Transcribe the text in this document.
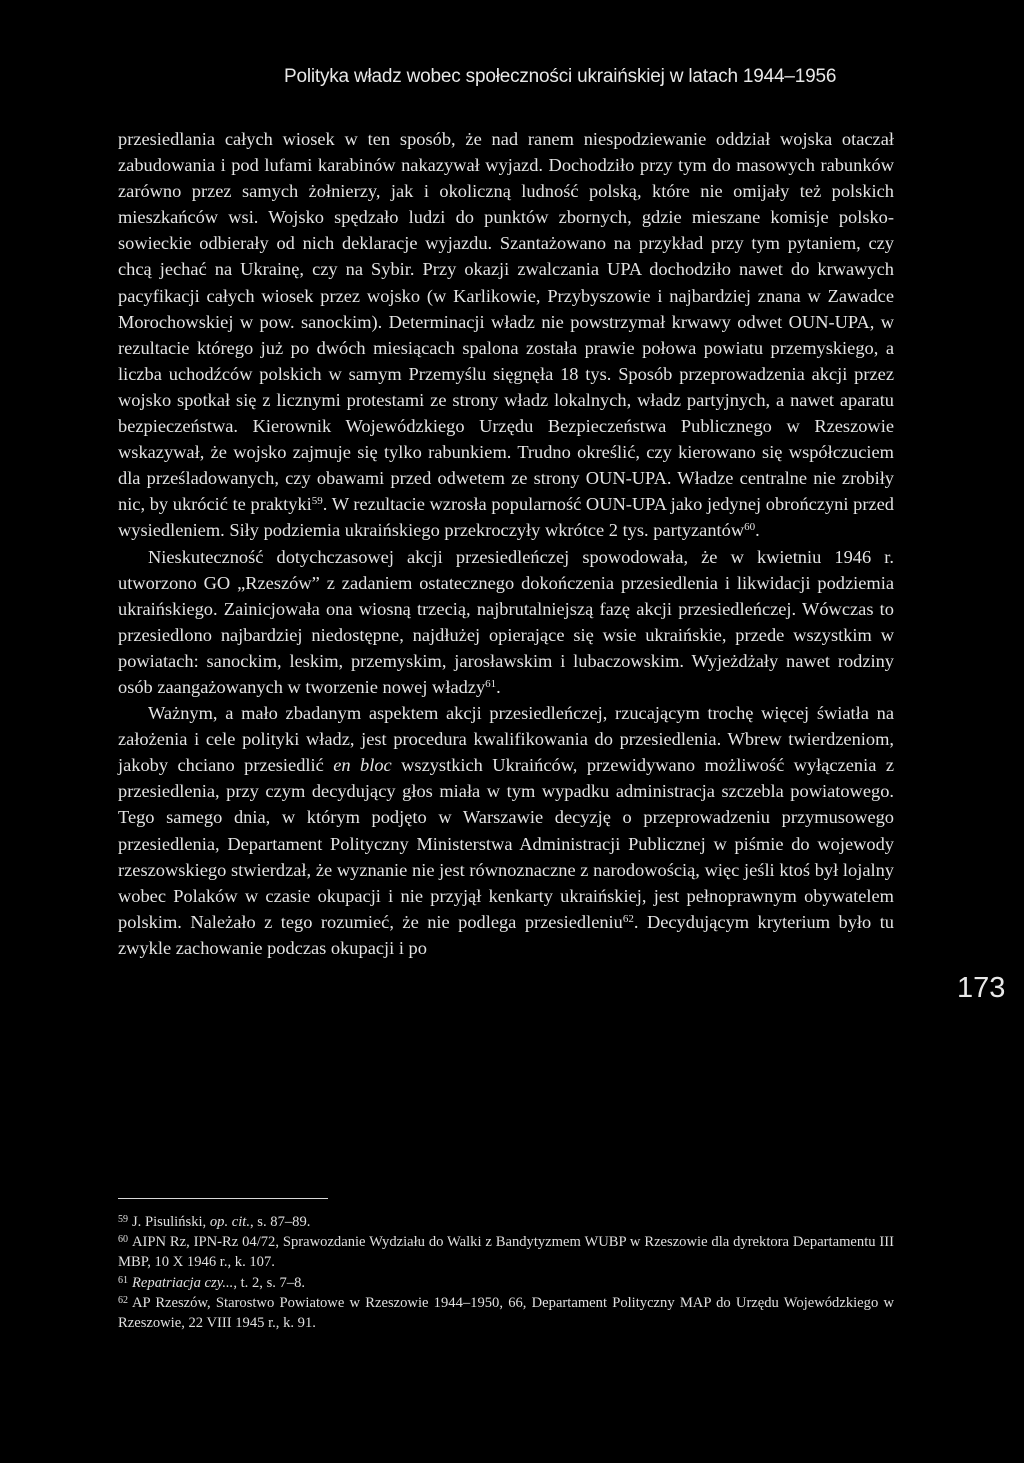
Polityka władz wobec społeczności ukraińskiej w latach 1944–1956
przesiedlania całych wiosek w ten sposób, że nad ranem niespodziewanie oddział wojska otaczał zabudowania i pod lufami karabinów nakazywał wyjazd. Dochodziło przy tym do masowych rabunków zarówno przez samych żołnierzy, jak i okoliczną ludność polską, które nie omijały też polskich mieszkańców wsi. Wojsko spędzało ludzi do punktów zbornych, gdzie mieszane komisje polsko-sowieckie odbierały od nich deklaracje wyjazdu. Szantażowano na przykład przy tym pytaniem, czy chcą jechać na Ukrainę, czy na Sybir. Przy okazji zwalczania UPA dochodziło nawet do krwawych pacyfikacji całych wiosek przez wojsko (w Karlikowie, Przybyszowie i najbardziej znana w Zawadce Morochowskiej w pow. sanockim). Determinacji władz nie powstrzymał krwawy odwet OUN-UPA, w rezultacie którego już po dwóch miesiącach spalona została prawie połowa powiatu przemyskiego, a liczba uchodźców polskich w samym Przemyślu sięgnęła 18 tys. Sposób przeprowadzenia akcji przez wojsko spotkał się z licznymi protestami ze strony władz lokalnych, władz partyjnych, a nawet aparatu bezpieczeństwa. Kierownik Wojewódzkiego Urzędu Bezpieczeństwa Publicznego w Rzeszowie wskazywał, że wojsko zajmuje się tylko rabunkiem. Trudno określić, czy kierowano się współczuciem dla prześladowanych, czy obawami przed odwetem ze strony OUN-UPA. Władze centralne nie zrobiły nic, by ukrócić te praktyki$^{59}$. W rezultacie wzrosła popularność OUN-UPA jako jedynej obrończyni przed wysiedleniem. Siły podziemia ukraińskiego przekroczyły wkrótce 2 tys. partyzantów$^{60}$.
Nieskuteczność dotychczasowej akcji przesiedleńczej spowodowała, że w kwietniu 1946 r. utworzono GO „Rzeszów” z zadaniem ostatecznego dokończenia przesiedlenia i likwidacji podziemia ukraińskiego. Zainicjowała ona wiosną trzecią, najbrutalniejszą fazę akcji przesiedleńczej. Wówczas to przesiedlono najbardziej niedostępne, najdłużej opierające się wsie ukraińskie, przede wszystkim w powiatach: sanockim, leskim, przemyskim, jarosławskim i lubaczowskim. Wyjeżdżały nawet rodziny osób zaangażowanych w tworzenie nowej władzy$^{61}$.
Ważnym, a mało zbadanym aspektem akcji przesiedleńczej, rzucającym trochę więcej światła na założenia i cele polityki władz, jest procedura kwalifikowania do przesiedlenia. Wbrew twierdzeniom, jakoby chciano przesiedlić en bloc wszystkich Ukraińców, przewidywano możliwość wyłączenia z przesiedlenia, przy czym decydujący głos miała w tym wypadku administracja szczebla powiatowego. Tego samego dnia, w którym podjęto w Warszawie decyzję o przeprowadzeniu przymusowego przesiedlenia, Departament Polityczny Ministerstwa Administracji Publicznej w piśmie do wojewody rzeszowskiego stwierdzał, że wyznanie nie jest równoznaczne z narodowością, więc jeśli ktoś był lojalny wobec Polaków w czasie okupacji i nie przyjął kenkarty ukraińskiej, jest pełnoprawnym obywatelem polskim. Należało z tego rozumieć, że nie podlega przesiedleniu$^{62}$. Decydującym kryterium było tu zwykle zachowanie podczas okupacji i po
173
$^{59}$ J. Pisuliński, op. cit., s. 87–89.
$^{60}$ AIPN Rz, IPN-Rz 04/72, Sprawozdanie Wydziału do Walki z Bandytyzmem WUBP w Rzeszowie dla dyrektora Departamentu III MBP, 10 X 1946 r., k. 107.
$^{61}$ Repatriacja czy..., t. 2, s. 7–8.
$^{62}$ AP Rzeszów, Starostwo Powiatowe w Rzeszowie 1944–1950, 66, Departament Polityczny MAP do Urzędu Wojewódzkiego w Rzeszowie, 22 VIII 1945 r., k. 91.
